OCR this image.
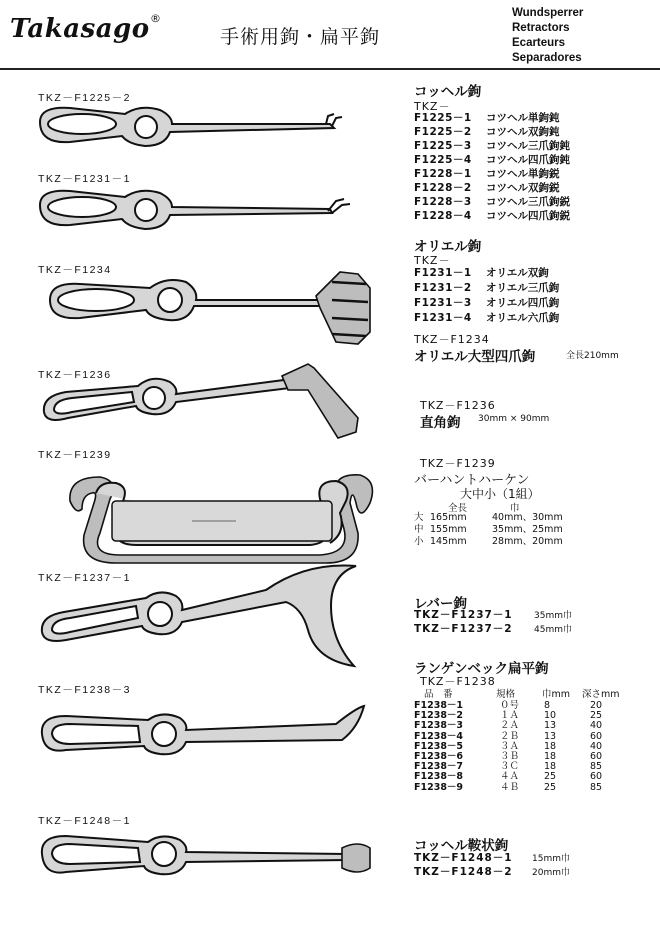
Takasago ®
手術用鉤・扁平鉤
Wundsperrer
Retractors
Ecarteurs
Separadores
TKZ－F1225－2
TKZ－F1231－1
TKZ－F1234
TKZ－F1236
TKZ－F1239
TKZ－F1237－1
TKZ－F1238－3
TKZ－F1248－1
コッヘル鉤
TKZ－
F1225－1 コツヘル単鉤鈍
F1225－2 コツヘル双鉤鈍
F1225－3 コツヘル三爪鉤鈍
F1225－4 コツヘル四爪鉤鈍
F1228－1 コツヘル単鉤鋭
F1228－2 コツヘル双鉤鋭
F1228－3 コツヘル三爪鉤鋭
F1228－4 コツヘル四爪鉤鋭
オリエル鉤
TKZ－
F1231－1 オリエル双鉤
F1231－2 オリエル三爪鉤
F1231－3 オリエル四爪鉤
F1231－4 オリエル六爪鉤
TKZ－F1234
オリエル大型四爪鉤	全長210mm
TKZ－F1236
直角鉤 30mm × 90mm
TKZ－F1239
バーハントハーケン
大中小（1組）
全長	巾
大 165mm	40mm、30mm
中 155mm	35mm、25mm
小 145mm	28mm、20mm
レバー鉤
TKZ－F1237－1 35mm巾
TKZ－F1237－2 45mm巾
ランゲンベック扁平鉤
TKZ－F1238
品　番	規格	巾mm 深さmm
F1238－1	０号	8	20
F1238－2	１Ａ	10	25
F1238－3	２Ａ	13	40
F1238－4	２Ｂ	13	60
F1238－5	３Ａ	18	40
F1238－6	３Ｂ	18	60
F1238－7	３Ｃ	18	85
F1238－8	４Ａ	25	60
F1238－9	４Ｂ	25	85
コッヘル鞍状鉤
TKZ－F1248－1 15mm巾
TKZ－F1248－2 20mm巾
